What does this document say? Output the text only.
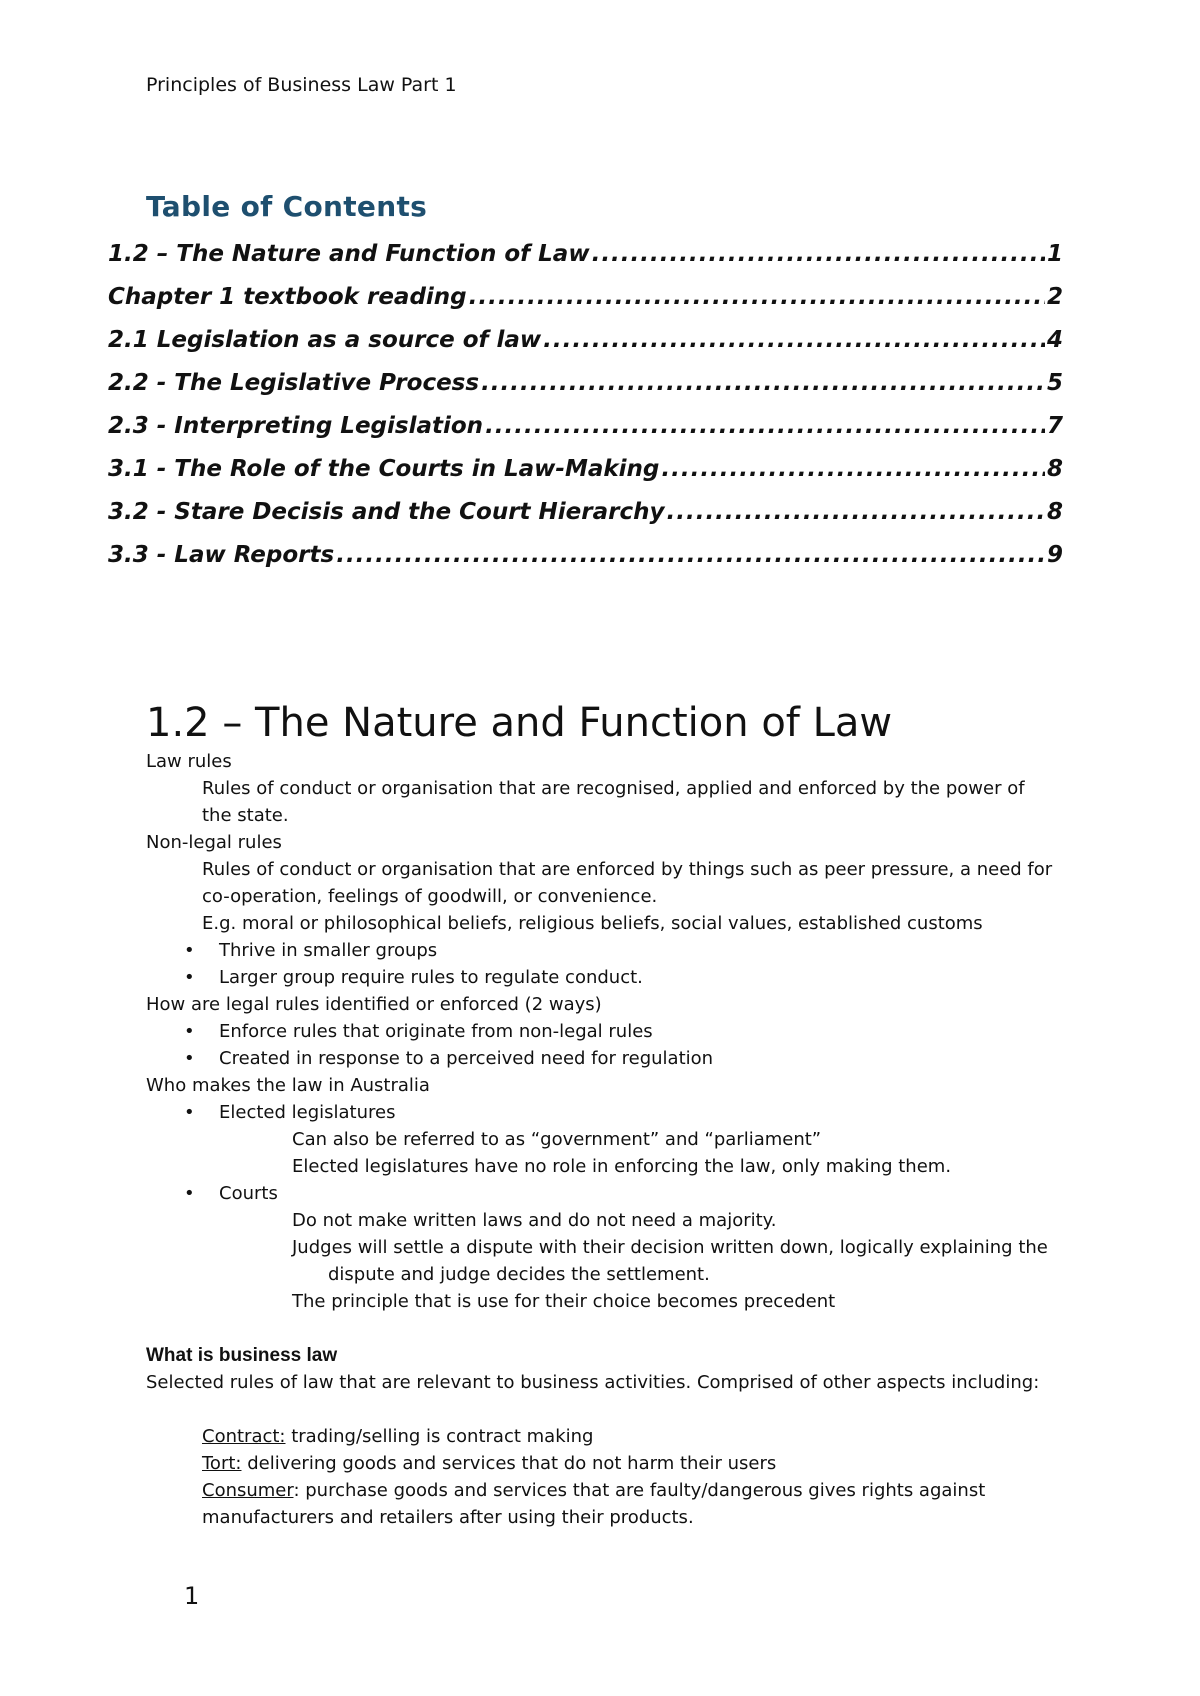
Principles of Business Law Part 1
Table of Contents
1.2 – The Nature and Function of Law .....	1
Chapter 1 textbook reading .....	2
2.1 Legislation as a source of law .....	4
2.2 - The Legislative Process .....	5
2.3 - Interpreting Legislation .....	7
3.1 - The Role of the Courts in Law-Making .....	8
3.2 - Stare Decisis and the Court Hierarchy .....	8
3.3 - Law Reports .....	9
1.2 – The Nature and Function of Law

Law rules

Rules of conduct or organisation that are recognised, applied and enforced by the power of

the state.

Non-legal rules

Rules of conduct or organisation that are enforced by things such as peer pressure, a need for

co-operation, feelings of goodwill, or convenience.

E.g. moral or philosophical beliefs, religious beliefs, social values, established customs

• Thrive in smaller groups

• Larger group require rules to regulate conduct.

How are legal rules identified or enforced (2 ways)

• Enforce rules that originate from non-legal rules

• Created in response to a perceived need for regulation

Who makes the law in Australia

• Elected legislatures

Can also be referred to as “government” and “parliament”

Elected legislatures have no role in enforcing the law, only making them.

• Courts

Do not make written laws and do not need a majority.

Judges will settle a dispute with their decision written down, logically explaining the

dispute and judge decides the settlement.

The principle that is use for their choice becomes precedent

What is business law

Selected rules of law that are relevant to business activities. Comprised of other aspects including:

Contract: trading/selling is contract making

Tort: delivering goods and services that do not harm their users

Consumer: purchase goods and services that are faulty/dangerous gives rights against

manufacturers and retailers after using their products.

1
